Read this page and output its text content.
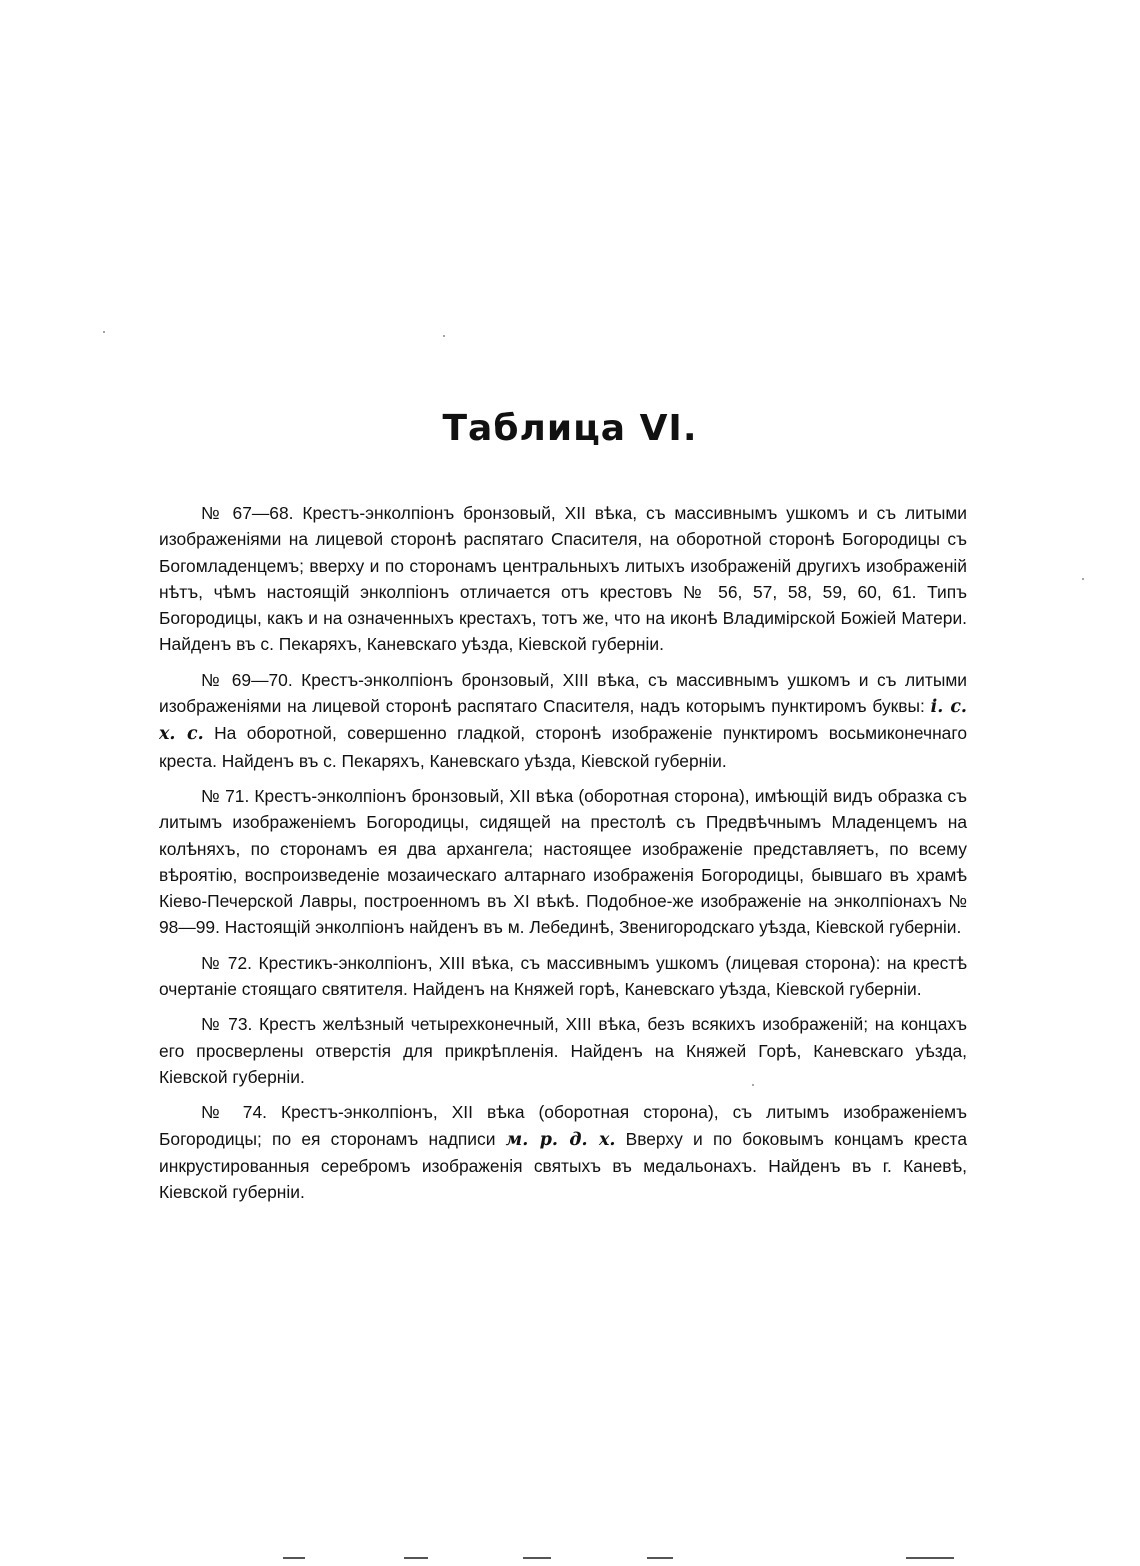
Таблица VI.

№ 67—68. Крестъ-энколпіонъ бронзовый, XII вѣка, съ массивнымъ ушкомъ и съ литыми изображеніями на лицевой сторонѣ распятаго Спасителя, на оборотной сторонѣ Богородицы съ Богомладенцемъ; вверху и по сторонамъ центральныхъ литыхъ изображеній другихъ изображеній нѣтъ, чѣмъ настоящій энколпіонъ отличается отъ крестовъ № 56, 57, 58, 59, 60, 61. Типъ Богородицы, какъ и на означенныхъ крестахъ, тотъ же, что на иконѣ Владимірской Божіей Матери. Найденъ въ с. Пекаряхъ, Каневскаго уѣзда, Кіевской губерніи.

№ 69—70. Крестъ-энколпіонъ бронзовый, XIII вѣка, съ массивнымъ ушкомъ и съ литыми изображеніями на лицевой сторонѣ распятаго Спасителя, надъ которымъ пунктиромъ буквы: і. с. х. с. На оборотной, совершенно гладкой, сторонѣ изображеніе пунктиромъ восьмиконечнаго креста. Найденъ въ с. Пекаряхъ, Каневскаго уѣзда, Кіевской губерніи.

№ 71. Крестъ-энколпіонъ бронзовый, XII вѣка (оборотная сторона), имѣющій видъ образка съ литымъ изображеніемъ Богородицы, сидящей на престолѣ съ Предвѣчнымъ Младенцемъ на колѣняхъ, по сторонамъ ея два архангела; настоящее изображеніе представляетъ, по всему вѣроятію, воспроизведеніе мозаическаго алтарнаго изображенія Богородицы, бывшаго въ храмѣ Кіево-Печерской Лавры, построенномъ въ XI вѣкѣ. Подобное-же изображеніе на энколпіонахъ № 98—99. Настоящій энколпіонъ найденъ въ м. Лебединѣ, Звенигородскаго уѣзда, Кіевской губерніи.

№ 72. Крестикъ-энколпіонъ, XIII вѣка, съ массивнымъ ушкомъ (лицевая сторона): на крестѣ очертаніе стоящаго святителя. Найденъ на Княжей горѣ, Каневскаго уѣзда, Кіевской губерніи.

№ 73. Крестъ желѣзный четырехконечный, XIII вѣка, безъ всякихъ изображеній; на концахъ его просверлены отверстія для прикрѣпленія. Найденъ на Княжей Горѣ, Каневскаго уѣзда, Кіевской губерніи.

№ 74. Крестъ-энколпіонъ, XII вѣка (оборотная сторона), съ литымъ изображеніемъ Богородицы; по ея сторонамъ надписи м. р. д. х. Вверху и по боковымъ концамъ креста инкрустированныя серебромъ изображенія святыхъ въ медальонахъ. Найденъ въ г. Каневѣ, Кіевской губерніи.
